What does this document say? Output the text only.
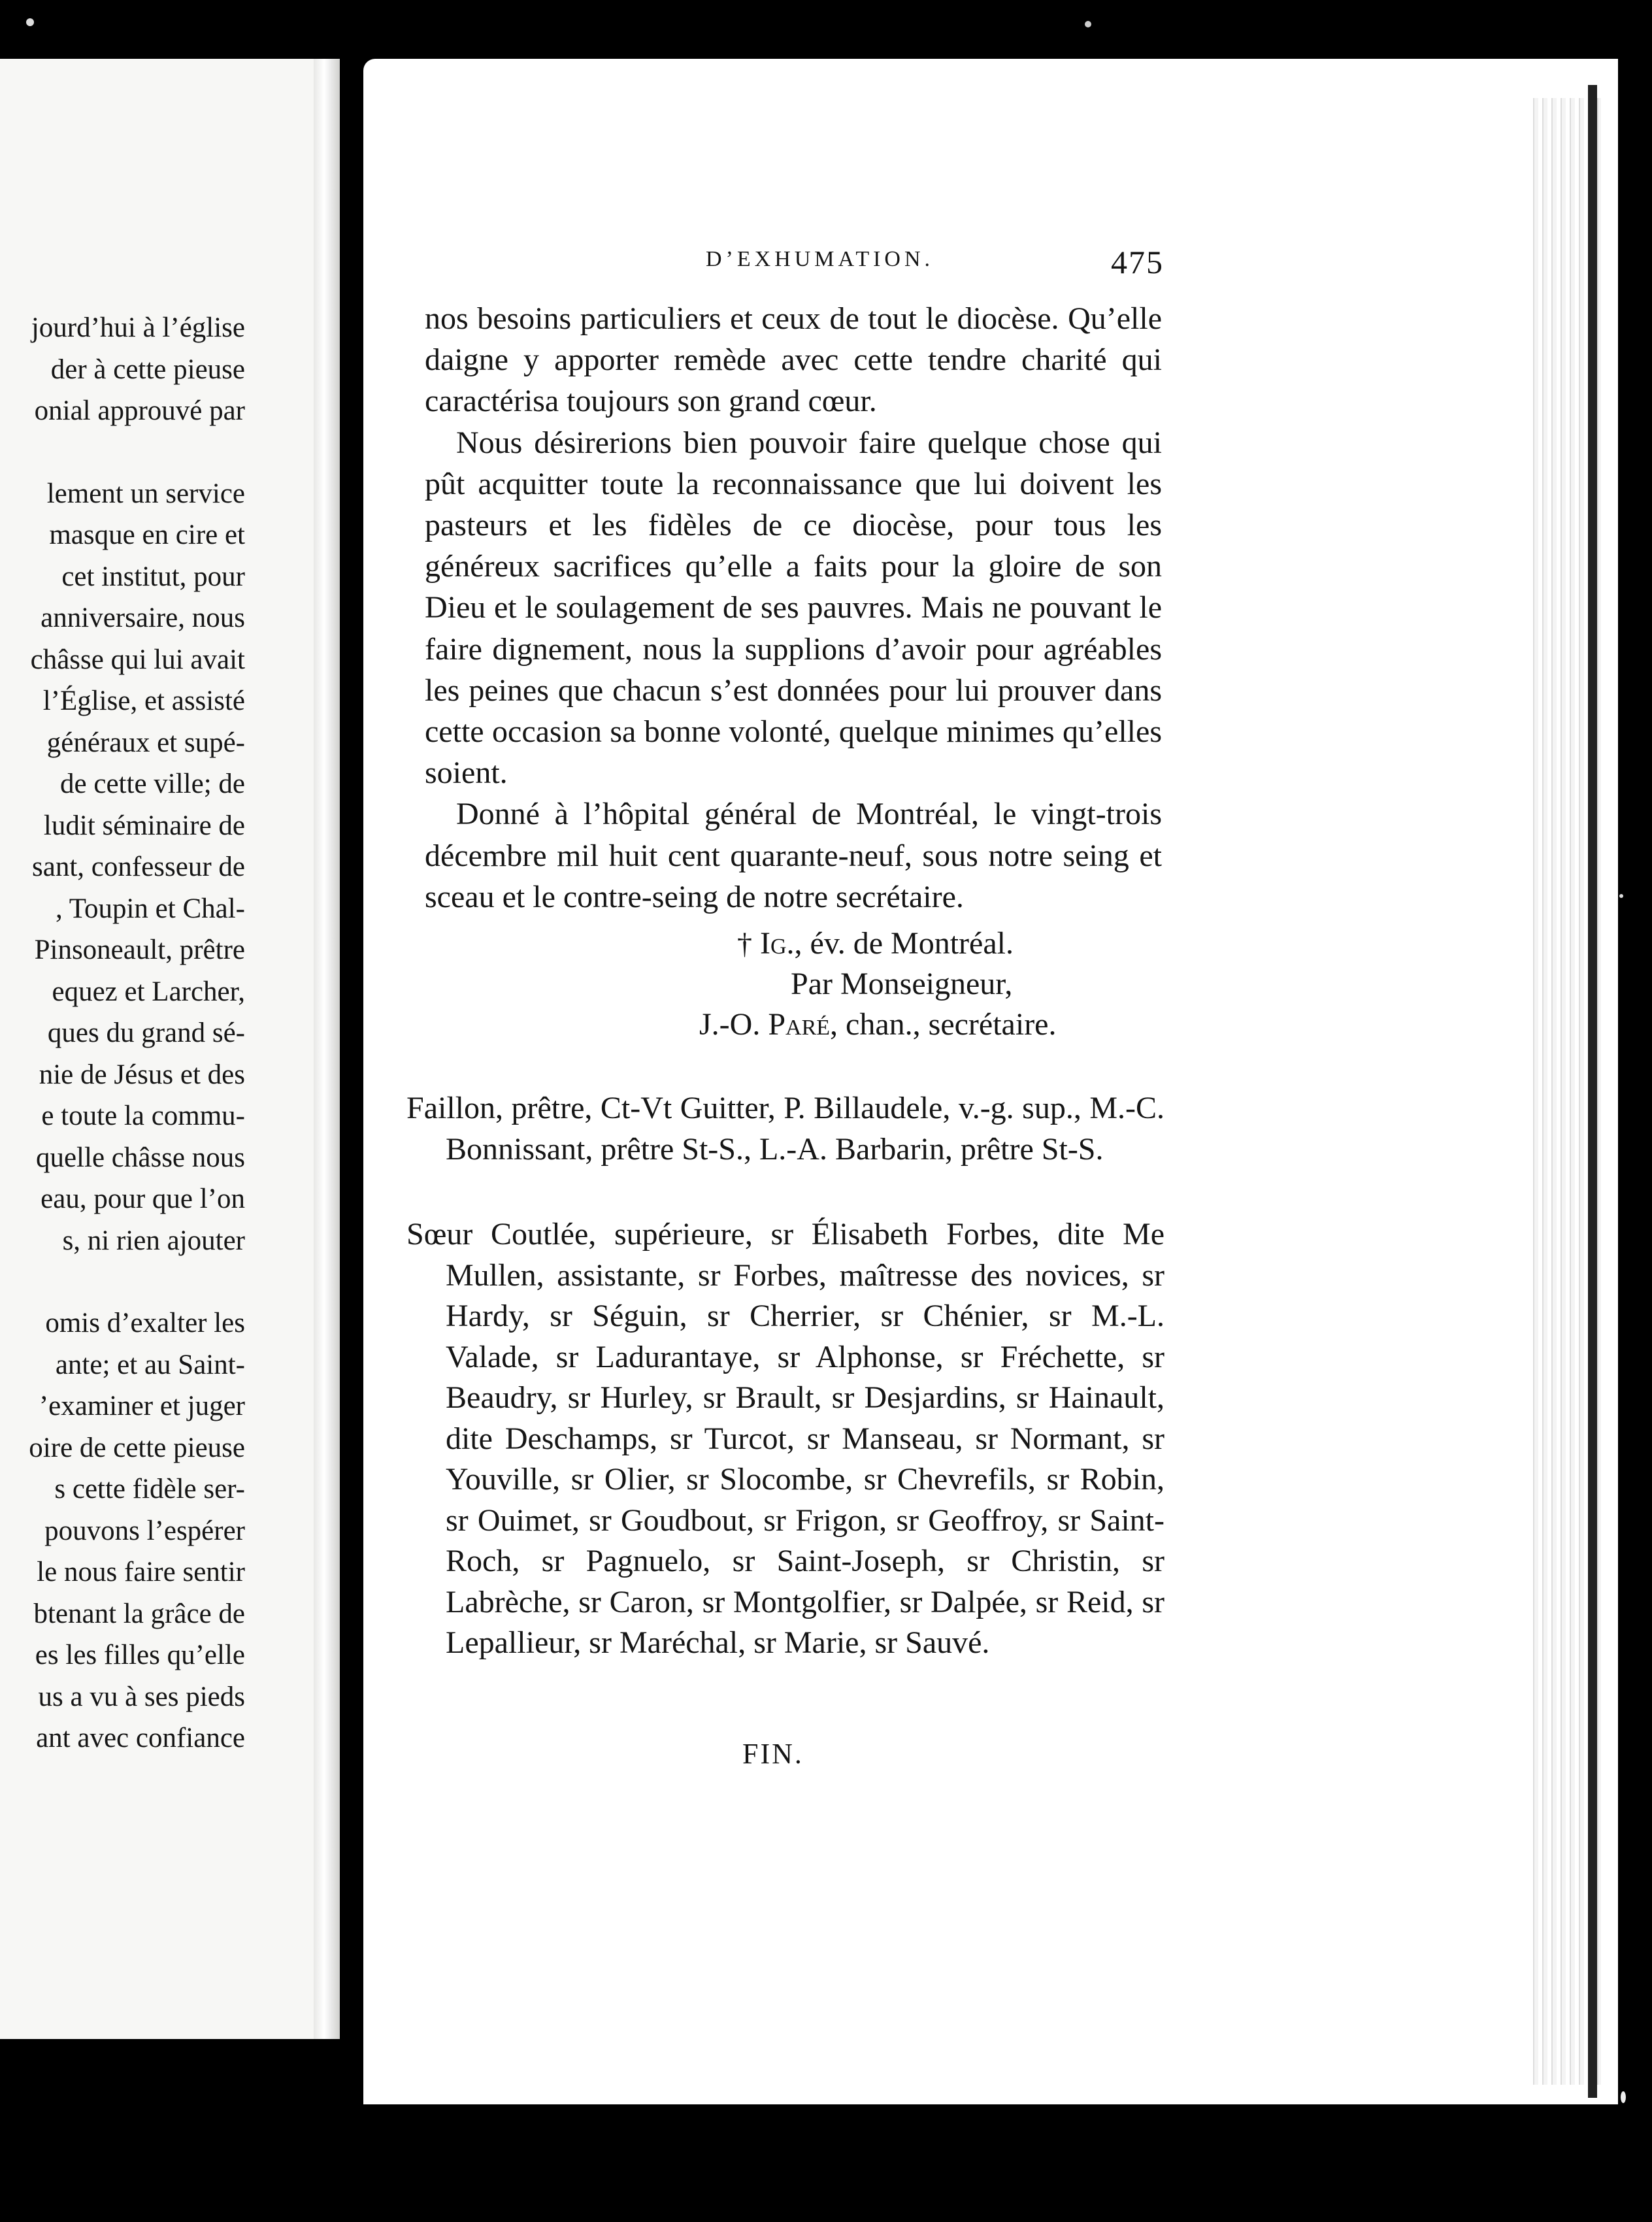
jourd’hui à l’église
der à cette pieuse
onial approuvé par
lement un service
masque en cire et
cet institut, pour
anniversaire, nous
châsse qui lui avait
l’Église, et assisté
généraux et supé-
de cette ville; de
ludit séminaire de
sant, confesseur de
, Toupin et Chal-
Pinsoneault, prêtre
equez et Larcher,
ques du grand sé-
nie de Jésus et des
e toute la commu-
quelle châsse nous
eau, pour que l’on
s, ni rien ajouter
omis d’exalter les
ante; et au Saint-
’examiner et juger
oire de cette pieuse
s cette fidèle ser-
pouvons l’espérer
le nous faire sentir
btenant la grâce de
es les filles qu’elle
us a vu à ses pieds
ant avec confiance
D’EXHUMATION.	475

nos besoins particuliers et ceux de tout le diocèse. Qu’elle daigne y apporter remède avec cette tendre charité qui caractérisa toujours son grand cœur.

Nous désirerions bien pouvoir faire quelque chose qui pût acquitter toute la reconnaissance que lui doivent les pasteurs et les fidèles de ce diocèse, pour tous les généreux sacrifices qu’elle a faits pour la gloire de son Dieu et le soulagement de ses pauvres. Mais ne pouvant le faire dignement, nous la supplions d’avoir pour agréables les peines que chacun s’est données pour lui prouver dans cette occasion sa bonne volonté, quelque minimes qu’elles soient.

Donné à l’hôpital général de Montréal, le vingt-trois décembre mil huit cent quarante-neuf, sous notre seing et sceau et le contre-seing de notre secrétaire.

† Ig., év. de Montréal.
Par Monseigneur,
J.-O. Paré, chan., secrétaire.

Faillon, prêtre, Ct-Vt Guitter, P. Billaudele, v.-g. sup., M.-C. Bonnissant, prêtre St-S., L.-A. Barbarin, prêtre St-S.

Sœur Coutlée, supérieure, sr Élisabeth Forbes, dite Me Mullen, assistante, sr Forbes, maîtresse des novices, sr Hardy, sr Séguin, sr Cherrier, sr Chénier, sr M.-L. Valade, sr Ladurantaye, sr Alphonse, sr Fréchette, sr Beaudry, sr Hurley, sr Brault, sr Desjardins, sr Hainault, dite Deschamps, sr Turcot, sr Manseau, sr Normant, sr Youville, sr Olier, sr Slocombe, sr Chevrefils, sr Robin, sr Ouimet, sr Goudbout, sr Frigon, sr Geoffroy, sr Saint-Roch, sr Pagnuelo, sr Saint-Joseph, sr Christin, sr Labrèche, sr Caron, sr Montgolfier, sr Dalpée, sr Reid, sr Lepallieur, sr Maréchal, sr Marie, sr Sauvé.

FIN.
